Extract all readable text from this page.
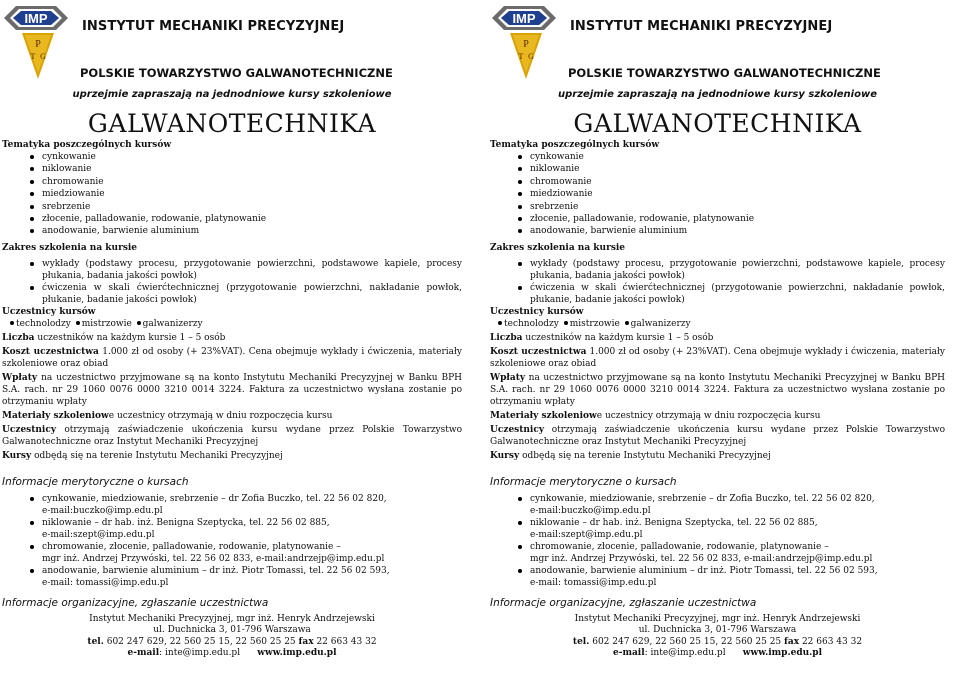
IMP
P
T G
INSTYTUT MECHANIKI PRECYZYJNEJ
POLSKIE TOWARZYSTWO GALWANOTECHNICZNE
uprzejmie zapraszają na jednodniowe kursy szkoleniowe
GALWANOTECHNIKA
Tematyka poszczególnych kursów
cynkowanie
niklowanie
chromowanie
miedziowanie
srebrzenie
złocenie, palladowanie, rodowanie, platynowanie
anodowanie, barwienie aluminium
Zakres szkolenia na kursie
wykłady (podstawy procesu, przygotowanie powierzchni, podstawowe kapiele, procesy płukania, badania jakości powłok)
ćwiczenia w skali ćwierćtechnicznej (przygotowanie powierzchni, nakładanie powłok, płukanie, badanie jakości powłok)
Uczestnicy kursów
technolodzy mistrzowie galwanizerzy

Liczba uczestników na każdym kursie 1 – 5 osób

Koszt uczestnictwa 1.000 zł od osoby (+ 23%VAT). Cena obejmuje wykłady i ćwiczenia, materiały szkoleniowe oraz obiad

Wpłaty na uczestnictwo przyjmowane są na konto Instytutu Mechaniki Precyzyjnej w Banku BPH S.A. rach. nr 29 1060 0076 0000 3210 0014 3224. Faktura za uczestnictwo wysłana zostanie po otrzymaniu wpłaty

Materiały szkoleniowe uczestnicy otrzymają w dniu rozpoczęcia kursu

Uczestnicy otrzymają zaświadczenie ukończenia kursu wydane przez Polskie Towarzystwo Galwanotechniczne oraz Instytut Mechaniki Precyzyjnej

Kursy odbędą się na terenie Instytutu Mechaniki Precyzyjnej

Informacje merytoryczne o kursach
cynkowanie, miedziowanie, srebrzenie – dr Zofia Buczko, tel. 22 56 02 820,
e-mail:buczko@imp.edu.pl
niklowanie – dr hab. inż. Benigna Szeptycka, tel. 22 56 02 885,
e-mail:szept@imp.edu.pl
chromowanie, złocenie, palladowanie, rodowanie, platynowanie –
mgr inż. Andrzej Przywóski, tel. 22 56 02 833, e-mail:andrzejp@imp.edu.pl
anodowanie, barwienie aluminium – dr inż. Piotr Tomassi, tel. 22 56 02 593,
e-mail: tomassi@imp.edu.pl
Informacje organizacyjne, zgłaszanie uczestnictwa
Instytut Mechaniki Precyzyjnej, mgr inż. Henryk Andrzejewski
ul. Duchnicka 3, 01-796 Warszawa
tel. 602 247 629, 22 560 25 15, 22 560 25 25 fax 22 663 43 32
e-mail: inte@imp.edu.pl www.imp.edu.pl
IMP
P
T G
INSTYTUT MECHANIKI PRECYZYJNEJ
POLSKIE TOWARZYSTWO GALWANOTECHNICZNE
uprzejmie zapraszają na jednodniowe kursy szkoleniowe
GALWANOTECHNIKA
Tematyka poszczególnych kursów
cynkowanie
niklowanie
chromowanie
miedziowanie
srebrzenie
złocenie, palladowanie, rodowanie, platynowanie
anodowanie, barwienie aluminium
Zakres szkolenia na kursie
wykłady (podstawy procesu, przygotowanie powierzchni, podstawowe kapiele, procesy płukania, badania jakości powłok)
ćwiczenia w skali ćwierćtechnicznej (przygotowanie powierzchni, nakładanie powłok, płukanie, badanie jakości powłok)
Uczestnicy kursów
technolodzy mistrzowie galwanizerzy

Liczba uczestników na każdym kursie 1 – 5 osób

Koszt uczestnictwa 1.000 zł od osoby (+ 23%VAT). Cena obejmuje wykłady i ćwiczenia, materiały szkoleniowe oraz obiad

Wpłaty na uczestnictwo przyjmowane są na konto Instytutu Mechaniki Precyzyjnej w Banku BPH S.A. rach. nr 29 1060 0076 0000 3210 0014 3224. Faktura za uczestnictwo wysłana zostanie po otrzymaniu wpłaty

Materiały szkoleniowe uczestnicy otrzymają w dniu rozpoczęcia kursu

Uczestnicy otrzymają zaświadczenie ukończenia kursu wydane przez Polskie Towarzystwo Galwanotechniczne oraz Instytut Mechaniki Precyzyjnej

Kursy odbędą się na terenie Instytutu Mechaniki Precyzyjnej

Informacje merytoryczne o kursach
cynkowanie, miedziowanie, srebrzenie – dr Zofia Buczko, tel. 22 56 02 820,
e-mail:buczko@imp.edu.pl
niklowanie – dr hab. inż. Benigna Szeptycka, tel. 22 56 02 885,
e-mail:szept@imp.edu.pl
chromowanie, złocenie, palladowanie, rodowanie, platynowanie –
mgr inż. Andrzej Przywóski, tel. 22 56 02 833, e-mail:andrzejp@imp.edu.pl
anodowanie, barwienie aluminium – dr inż. Piotr Tomassi, tel. 22 56 02 593,
e-mail: tomassi@imp.edu.pl
Informacje organizacyjne, zgłaszanie uczestnictwa
Instytut Mechaniki Precyzyjnej, mgr inż. Henryk Andrzejewski
ul. Duchnicka 3, 01-796 Warszawa
tel. 602 247 629, 22 560 25 15, 22 560 25 25 fax 22 663 43 32
e-mail: inte@imp.edu.pl www.imp.edu.pl
